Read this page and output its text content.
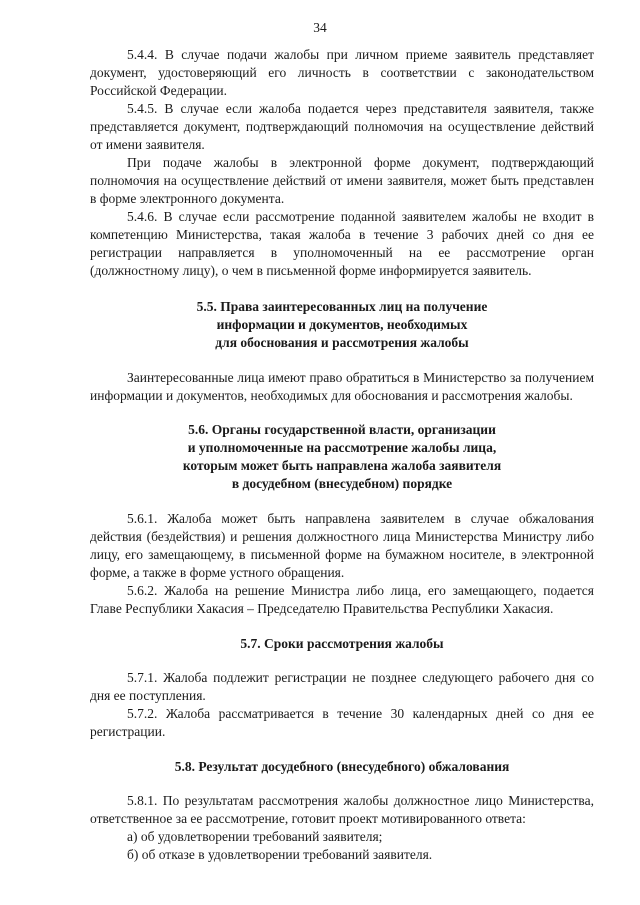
34

5.4.4. В случае подачи жалобы при личном приеме заявитель представляет документ, удостоверяющий его личность в соответствии с законодательством Российской Федерации.

5.4.5. В случае если жалоба подается через представителя заявителя, также представляется документ, подтверждающий полномочия на осуществление действий от имени заявителя.

При подаче жалобы в электронной форме документ, подтверждающий полномочия на осуществление действий от имени заявителя, может быть представлен в форме электронного документа.

5.4.6. В случае если рассмотрение поданной заявителем жалобы не входит в компетенцию Министерства, такая жалоба в течение 3 рабочих дней со дня ее регистрации направляется в уполномоченный на ее рассмотрение орган (должностному лицу), о чем в письменной форме информируется заявитель.

5.5. Права заинтересованных лиц на получение
информации и документов, необходимых
для обоснования и рассмотрения жалобы

Заинтересованные лица имеют право обратиться в Министерство за получением информации и документов, необходимых для обоснования и рассмотрения жалобы.

5.6. Органы государственной власти, организации
и уполномоченные на рассмотрение жалобы лица,
которым может быть направлена жалоба заявителя
в досудебном (внесудебном) порядке

5.6.1. Жалоба может быть направлена заявителем в случае обжалования действия (бездействия) и решения должностного лица Министерства Министру либо лицу, его замещающему, в письменной форме на бумажном носителе, в электронной форме, а также в форме устного обращения.

5.6.2. Жалоба на решение Министра либо лица, его замещающего, подается Главе Республики Хакасия – Председателю Правительства Республики Хакасия.

5.7. Сроки рассмотрения жалобы

5.7.1. Жалоба подлежит регистрации не позднее следующего рабочего дня со дня ее поступления.

5.7.2. Жалоба рассматривается в течение 30 календарных дней со дня ее регистрации.

5.8. Результат досудебного (внесудебного) обжалования

5.8.1. По результатам рассмотрения жалобы должностное лицо Министерства, ответственное за ее рассмотрение, готовит проект мотивированного ответа:

а) об удовлетворении требований заявителя;

б) об отказе в удовлетворении требований заявителя.
